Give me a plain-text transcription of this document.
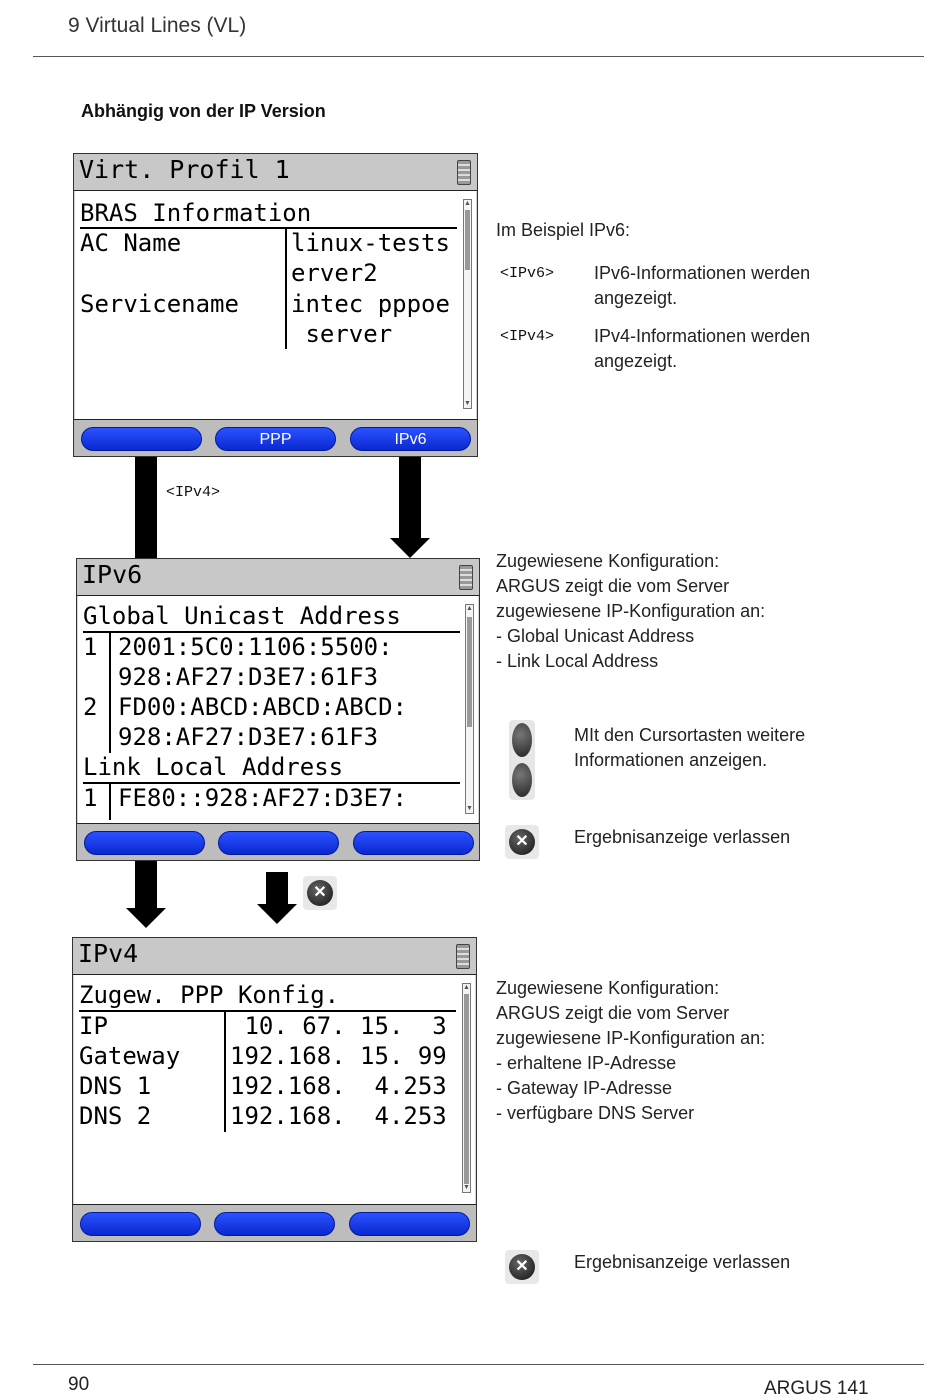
9 Virtual Lines (VL)
Abhängig von der IP Version
Virt. Profil 1
BRAS Information
AC Name	linux-tests
erver2
Servicename intec pppoe
server
▲
▼
PPP	IPv6
Im Beispiel IPv6:
<IPv6> IPv6-Informationen werden
angezeigt.
<IPv4> IPv4-Informationen werden
angezeigt.
<IPv4>
IPv6
Global Unicast Address
1 2001:5C0:1106:5500:
928:AF27:D3E7:61F3
2 FD00:ABCD:ABCD:ABCD:
928:AF27:D3E7:61F3
Link Local Address
1 FE80::928:AF27:D3E7:
▲
▼
Zugewiesene Konfiguration:
ARGUS zeigt die vom Server
zugewiesene IP-Konfiguration an:
- Global Unicast Address
- Link Local Address
MIt den Cursortasten weitere
Informationen anzeigen.
✕	Ergebnisanzeige verlassen
✕
IPv4
Zugew. PPP Konfig.
IP	10. 67. 15.  3
Gateway 192.168. 15. 99
DNS 1	192.168.  4.253
DNS 2	192.168.  4.253
▲
▼
Zugewiesene Konfiguration:
ARGUS zeigt die vom Server
zugewiesene IP-Konfiguration an:
- erhaltene IP-Adresse
- Gateway IP-Adresse
- verfügbare DNS Server
✕	Ergebnisanzeige verlassen
90	ARGUS 141
